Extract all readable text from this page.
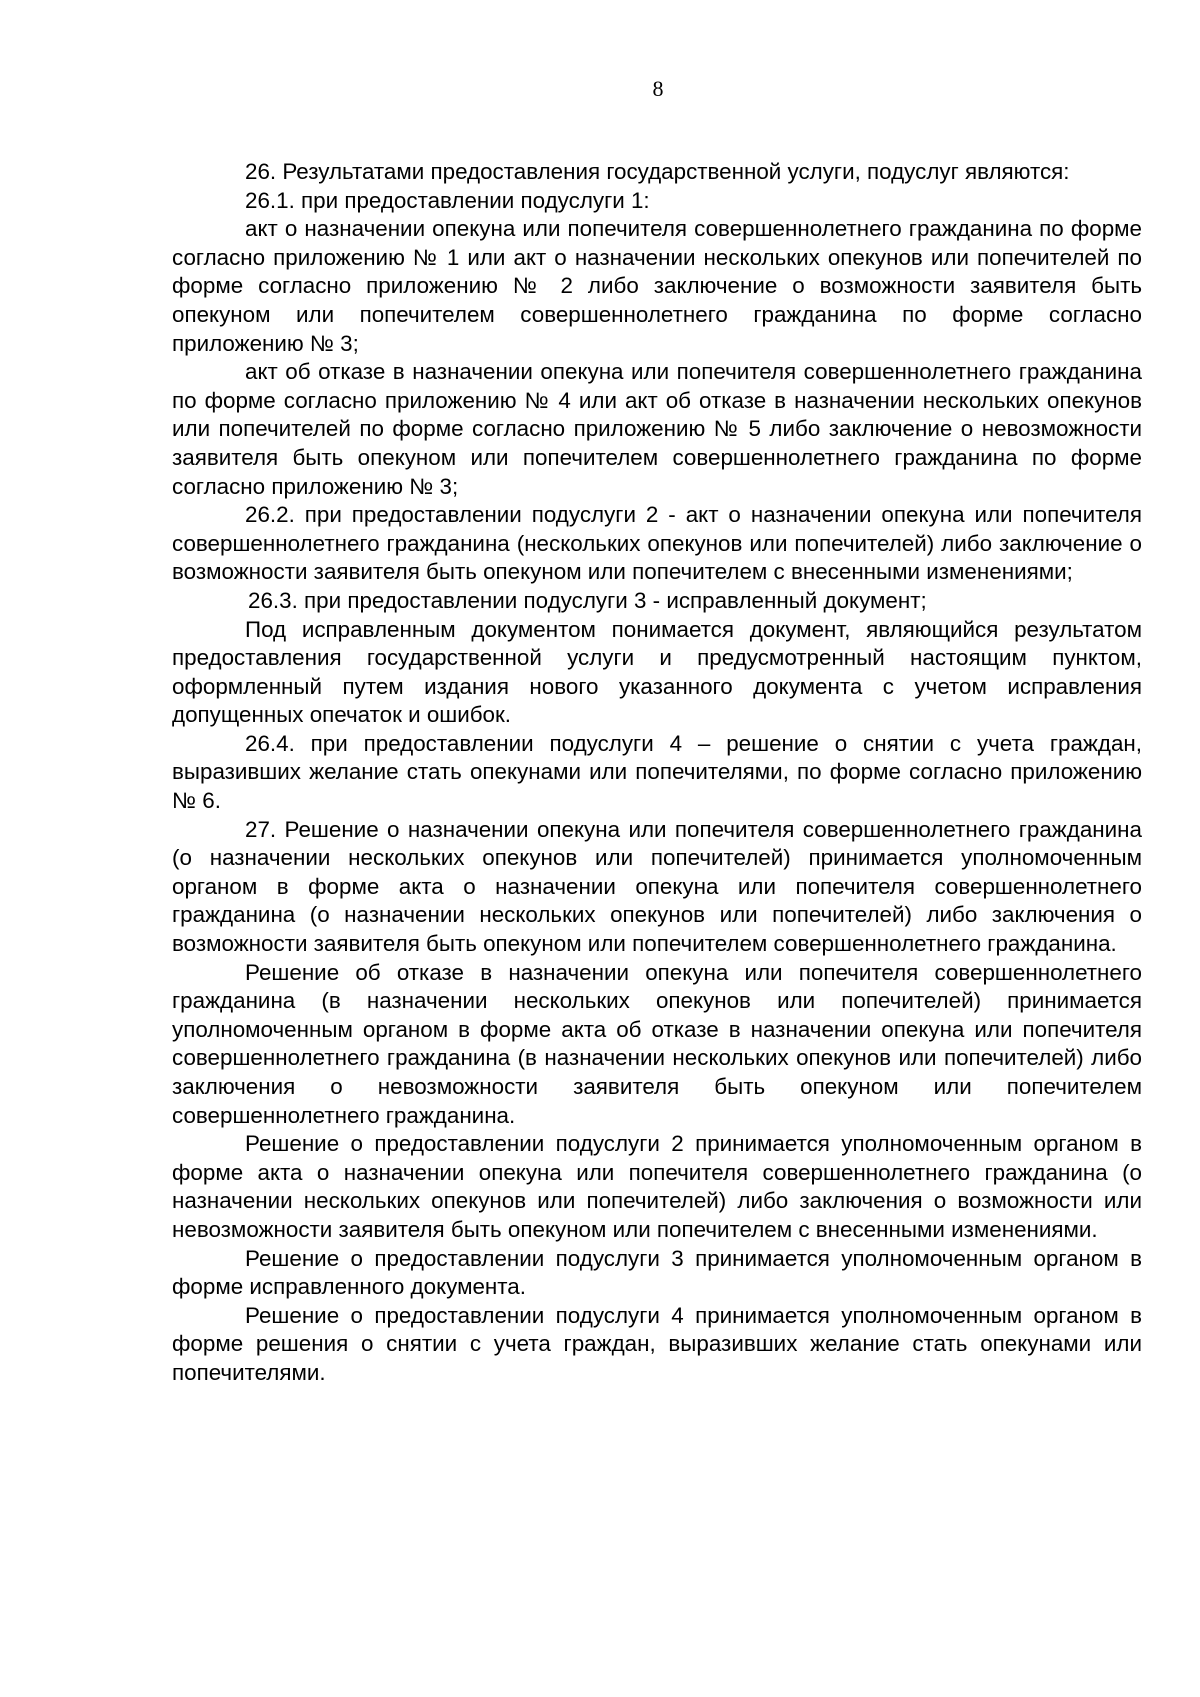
8

26. Результатами предоставления государственной услуги, подуслуг являются:

26.1. при предоставлении подуслуги 1:

акт о назначении опекуна или попечителя совершеннолетнего гражданина по форме согласно приложению № 1 или акт о назначении нескольких опекунов или попечителей по форме согласно приложению № 2 либо заключение о возможности заявителя быть опекуном или попечителем совершеннолетнего гражданина по форме согласно приложению № 3;

акт об отказе в назначении опекуна или попечителя совершеннолетнего гражданина по форме согласно приложению № 4 или акт об отказе в назначении нескольких опекунов или попечителей по форме согласно приложению № 5 либо заключение о невозможности заявителя быть опекуном или попечителем совершеннолетнего гражданина по форме согласно приложению № 3;

26.2. при предоставлении подуслуги 2 - акт о назначении опекуна или попечителя совершеннолетнего гражданина (нескольких опекунов или попечителей) либо заключение о возможности заявителя быть опекуном или попечителем с внесенными изменениями;

26.3. при предоставлении подуслуги 3 - исправленный документ;

Под исправленным документом понимается документ, являющийся результатом предоставления государственной услуги и предусмотренный настоящим пунктом, оформленный путем издания нового указанного документа с учетом исправления допущенных опечаток и ошибок.

26.4. при предоставлении подуслуги 4 – решение о снятии с учета граждан, выразивших желание стать опекунами или попечителями, по форме согласно приложению № 6.

27. Решение о назначении опекуна или попечителя совершеннолетнего гражданина (о назначении нескольких опекунов или попечителей) принимается уполномоченным органом в форме акта о назначении опекуна или попечителя совершеннолетнего гражданина (о назначении нескольких опекунов или попечителей) либо заключения о возможности заявителя быть опекуном или попечителем совершеннолетнего гражданина.

Решение об отказе в назначении опекуна или попечителя совершеннолетнего гражданина (в назначении нескольких опекунов или попечителей) принимается уполномоченным органом в форме акта об отказе в назначении опекуна или попечителя совершеннолетнего гражданина (в назначении нескольких опекунов или попечителей) либо заключения о невозможности заявителя быть опекуном или попечителем совершеннолетнего гражданина.

Решение о предоставлении подуслуги 2 принимается уполномоченным органом в форме акта о назначении опекуна или попечителя совершеннолетнего гражданина (о назначении нескольких опекунов или попечителей) либо заключения о возможности или невозможности заявителя быть опекуном или попечителем с внесенными изменениями.

Решение о предоставлении подуслуги 3 принимается уполномоченным органом в форме исправленного документа.

Решение о предоставлении подуслуги 4 принимается уполномоченным органом в форме решения о снятии с учета граждан, выразивших желание стать опекунами или попечителями.
